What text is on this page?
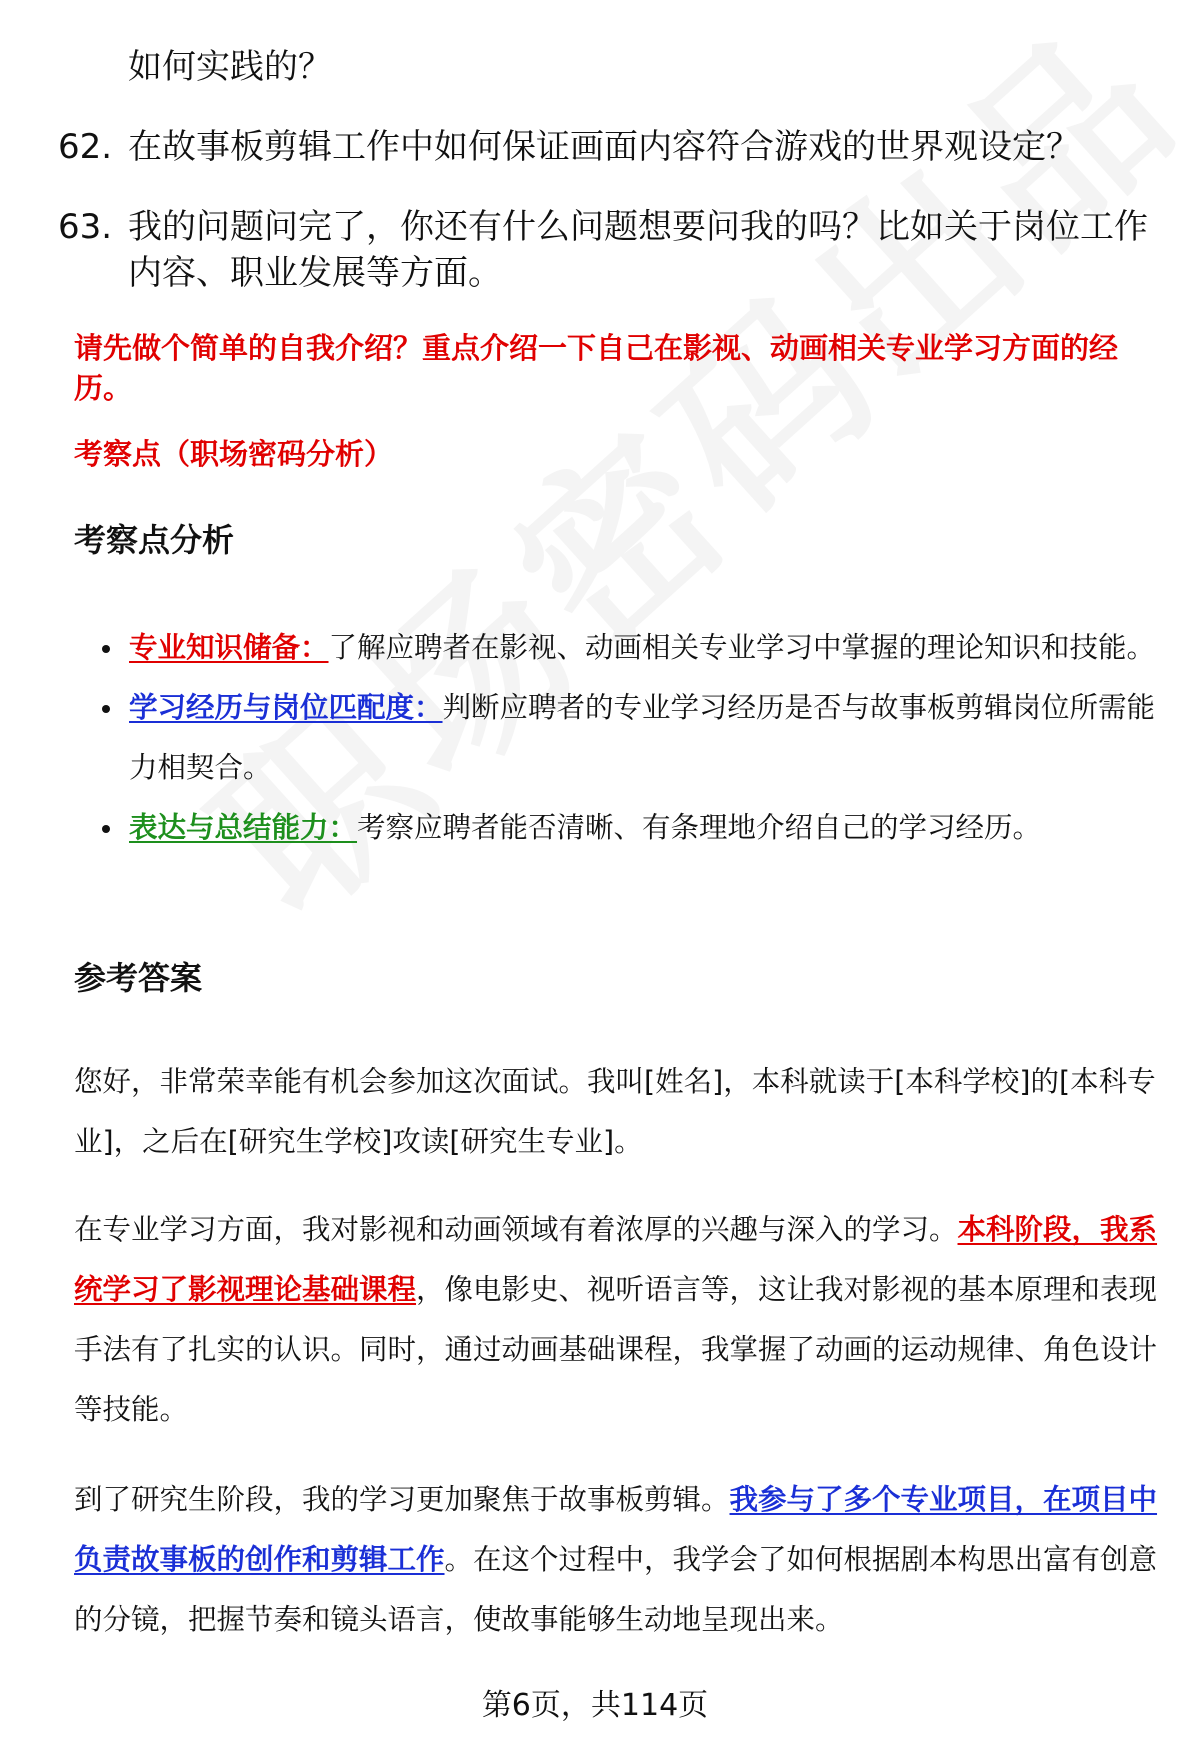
如何实践的？
62. 在故事板剪辑工作中如何保证画面内容符合游戏的世界观设定？
63. 我的问题问完了，你还有什么问题想要问我的吗？比如关于岗位工作内容、职业发展等方面。
请先做个简单的自我介绍？重点介绍一下自己在影视、动画相关专业学习方面的经历。
考察点（职场密码分析）
考察点分析
专业知识储备：了解应聘者在影视、动画相关专业学习中掌握的理论知识和技能。
学习经历与岗位匹配度：判断应聘者的专业学习经历是否与故事板剪辑岗位所需能力相契合。
表达与总结能力：考察应聘者能否清晰、有条理地介绍自己的学习经历。
参考答案
您好，非常荣幸能有机会参加这次面试。我叫[姓名]，本科就读于[本科学校]的[本科专业]，之后在[研究生学校]攻读[研究生专业]。
在专业学习方面，我对影视和动画领域有着浓厚的兴趣与深入的学习。本科阶段，我系统学习了影视理论基础课程，像电影史、视听语言等，这让我对影视的基本原理和表现手法有了扎实的认识。同时，通过动画基础课程，我掌握了动画的运动规律、角色设计等技能。
到了研究生阶段，我的学习更加聚焦于故事板剪辑。我参与了多个专业项目，在项目中负责故事板的创作和剪辑工作。在这个过程中，我学会了如何根据剧本构思出富有创意的分镜，把握节奏和镜头语言，使故事能够生动地呈现出来。
第6页，共114页
